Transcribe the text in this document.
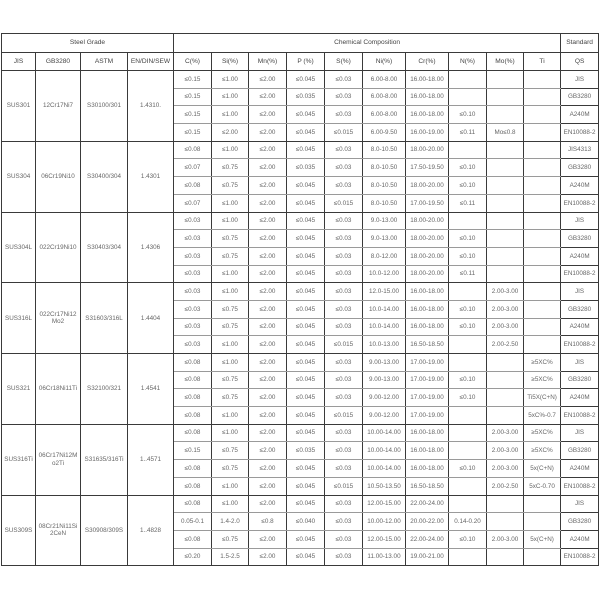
Steel Grade				Chemical Composition										Standard
JIS	GB3280	ASTM	EN/DIN/SEW	C(%)	Si(%)	Mn(%)	P (%)	S(%)	Ni(%)	Cr(%)	N(%)	Mo(%)	Ti	QS
SUS301	12Cr17Ni7	S30100/301	1.4310.	≤0.15	≤1.00	≤2.00	≤0.045	≤0.03	6.00-8.00	16.00-18.00				JIS
				≤0.15	≤1.00	≤2.00	≤0.035	≤0.03	6.00-8.00	16.00-18.00				GB3280
				≤0.15	≤1.00	≤2.00	≤0.045	≤0.03	6.00-8.00	16.00-18.00	≤0.10			A240M
				≤0.15	≤2.00	≤2.00	≤0.045	≤0.015	6.00-9.50	16.00-19.00	≤0.11	Mo≤0.8		EN10088-2
SUS304	06Cr19Ni10	S30400/304	1.4301	≤0.08	≤1.00	≤2.00	≤0.045	≤0.03	8.0-10.50	18.00-20.00				JIS4313
				≤0.07	≤0.75	≤2.00	≤0.035	≤0.03	8.0-10.50	17.50-19.50	≤0.10			GB3280
				≤0.08	≤0.75	≤2.00	≤0.045	≤0.03	8.0-10.50	18.00-20.00	≤0.10			A240M
				≤0.07	≤1.00	≤2.00	≤0.045	≤0.015	8.0-10.50	17.00-19.50	≤0.11			EN10088-2
SUS304L	022Cr19Ni10	S30403/304	1.4306	≤0.03	≤1.00	≤2.00	≤0.045	≤0.03	9.0-13.00	18.00-20.00				JIS
				≤0.03	≤0.75	≤2.00	≤0.045	≤0.03	9.0-13.00	18.00-20.00	≤0.10			GB3280
				≤0.03	≤0.75	≤2.00	≤0.045	≤0.03	8.0-12.00	18.00-20.00	≤0.10			A240M
				≤0.03	≤1.00	≤2.00	≤0.045	≤0.03	10.0-12.00	18.00-20.00	≤0.11			EN10088-2
SUS316L	022Cr17Ni12 Mo2	S31603/316L	1.4404	≤0.03	≤1.00	≤2.00	≤0.045	≤0.03	12.0-15.00	16.00-18.00		2.00-3.00		JIS
				≤0.03	≤0.75	≤2.00	≤0.045	≤0.03	10.0-14.00	16.00-18.00	≤0.10	2.00-3.00		GB3280
				≤0.03	≤0.75	≤2.00	≤0.045	≤0.03	10.0-14.00	16.00-18.00	≤0.10	2.00-3.00		A240M
				≤0.03	≤1.00	≤2.00	≤0.045	≤0.015	10.0-13.00	16.50-18.50		2.00-2.50		EN10088-2
SUS321	06Cr18Ni11Ti	S32100/321	1.4541	≤0.08	≤1.00	≤2.00	≤0.045	≤0.03	9.00-13.00	17.00-19.00			≥5XC%	JIS
				≤0.08	≤0.75	≤2.00	≤0.045	≤0.03	9.00-13.00	17.00-19.00	≤0.10		≥5XC%	GB3280
				≤0.08	≤0.75	≤2.00	≤0.045	≤0.03	9.00-12.00	17.00-19.00	≤0.10		Ti5X(C+N)	A240M
				≤0.08	≤1.00	≤2.00	≤0.045	≤0.015	9.00-12.00	17.00-19.00			5xC%-0.7	EN10088-2
SUS316Ti	06Cr17Ni12M o2Ti	S31635/316Ti	1..4571	≤0.08	≤1.00	≤2.00	≤0.045	≤0.03	10.00-14.00	16.00-18.00		2.00-3.00	≥5XC%	JIS
				≤0.15	≤0.75	≤2.00	≤0.035	≤0.03	10.00-14.00	16.00-18.00		2.00-3.00	≥5XC%	GB3280
				≤0.08	≤0.75	≤2.00	≤0.045	≤0.03	10.00-14.00	16.00-18.00	≤0.10	2.00-3.00	5x(C+N)	A240M
				≤0.08	≤1.00	≤2.00	≤0.045	≤0.015	10.50-13.50	16.50-18.50		2.00-2.50	5xC-0.70	EN10088-2
SUS309S	08Cr21Ni11Si 2CeN	S30908/309S	1..4828	≤0.08	≤1.00	≤2.00	≤0.045	≤0.03	12.00-15.00	22.00-24.00				JIS
				0.05-0.1	1.4-2.0	≤0.8	≤0.040	≤0.03	10.00-12.00	20.00-22.00	0.14-0.20			GB3280
				≤0.08	≤0.75	≤2.00	≤0.045	≤0.03	12.00-15.00	22.00-24.00	≤0.10	2.00-3.00	5x(C+N)	A240M
				≤0.20	1.5-2.5	≤2.00	≤0.045	≤0.03	11.00-13.00	19.00-21.00				EN10088-2
